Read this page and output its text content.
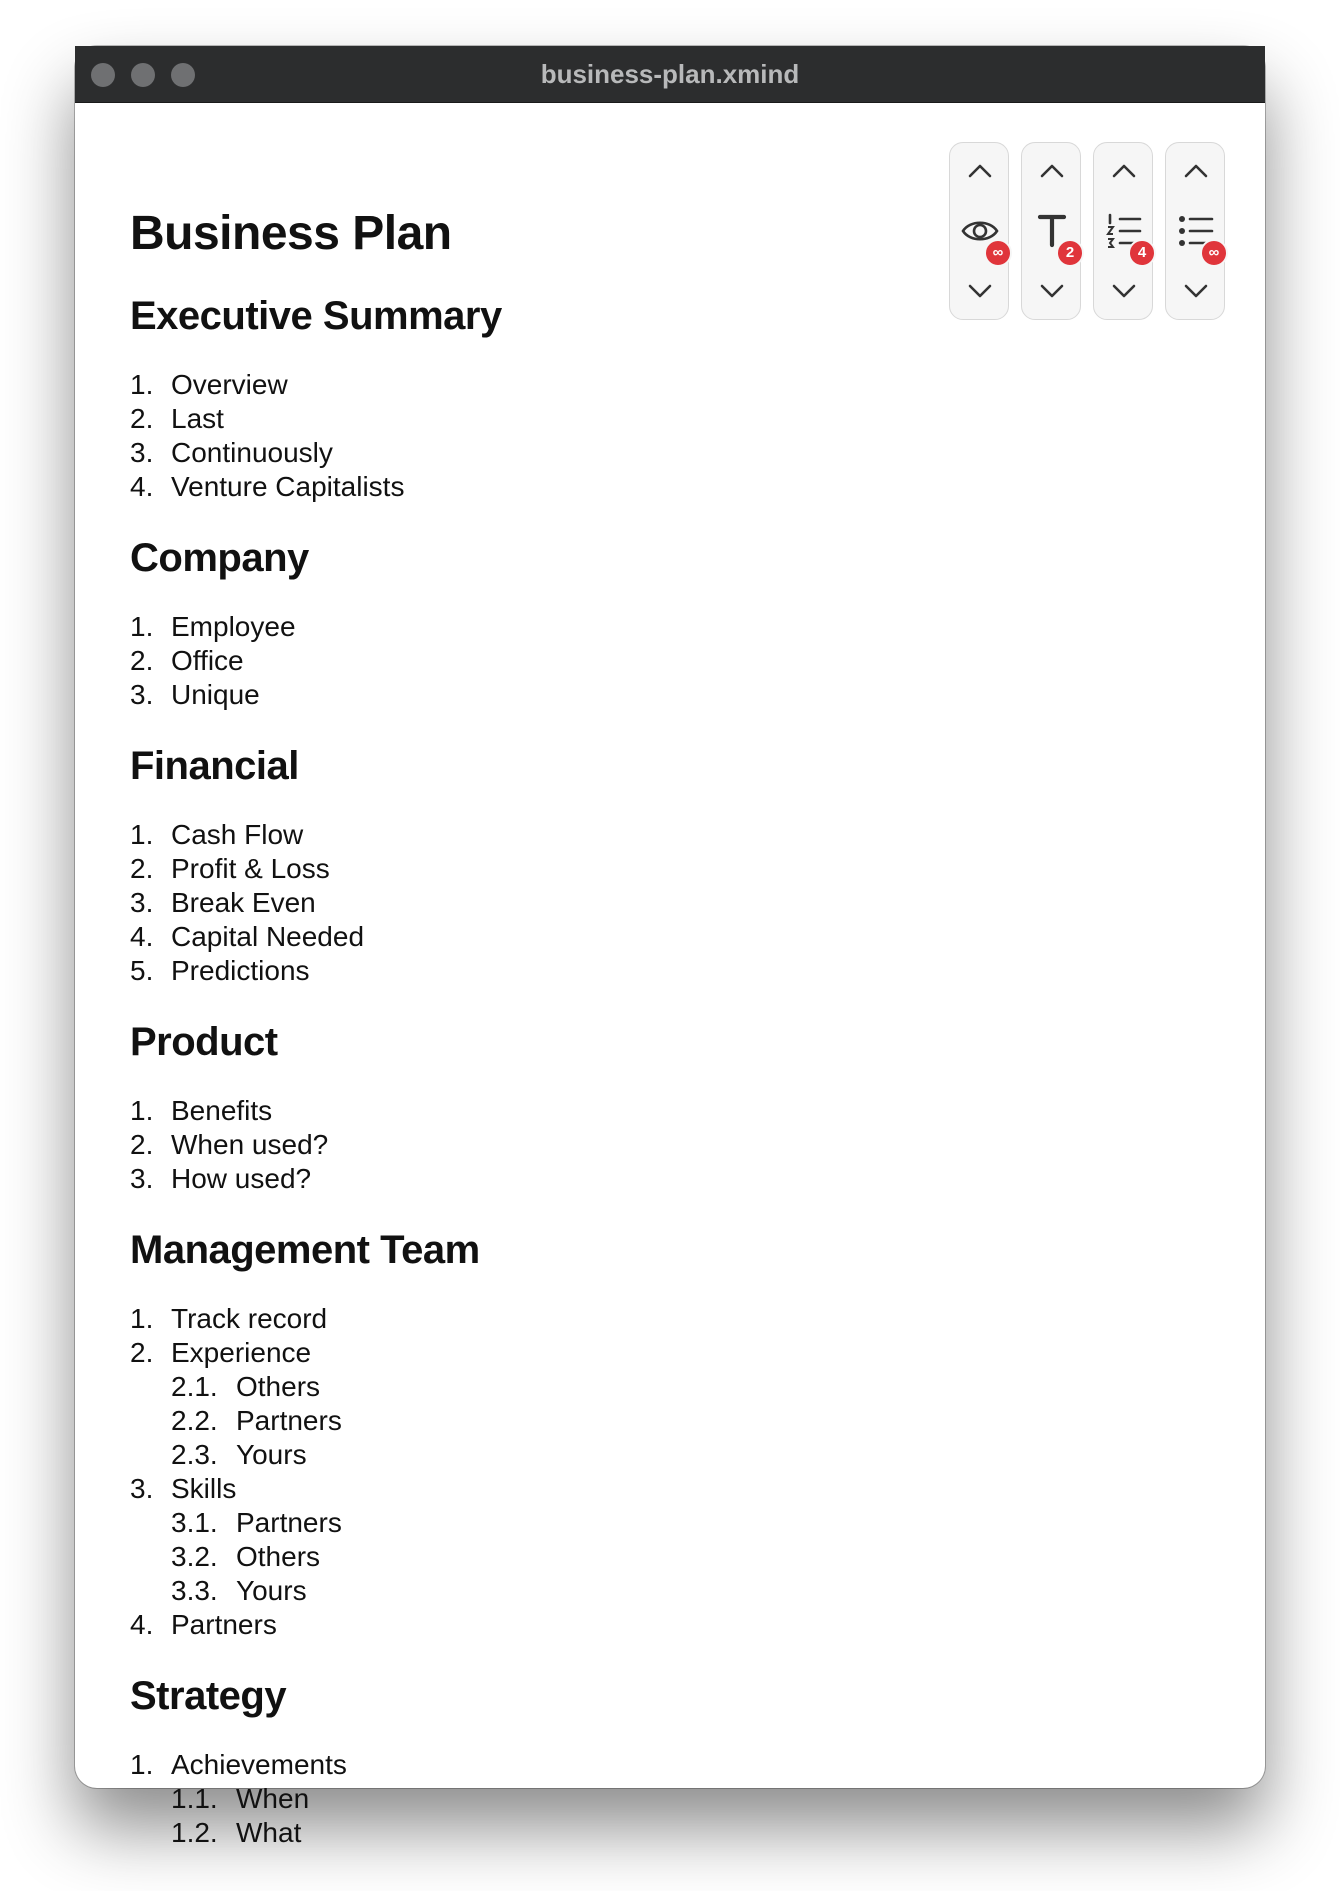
business-plan.xmind
Business Plan
Executive Summary
1. Overview
2. Last
3. Continuously
4. Venture Capitalists
Company
1. Employee
2. Office
3. Unique
Financial
1. Cash Flow
2. Profit & Loss
3. Break Even
4. Capital Needed
5. Predictions
Product
1. Benefits
2. When used?
3. How used?
Management Team
1. Track record
2. Experience
2.1. Others
2.2. Partners
2.3. Yours
3. Skills
3.1. Partners
3.2. Others
3.3. Yours
4. Partners
Strategy
1. Achievements
1.1. When
1.2. What
∞	2	4	∞
